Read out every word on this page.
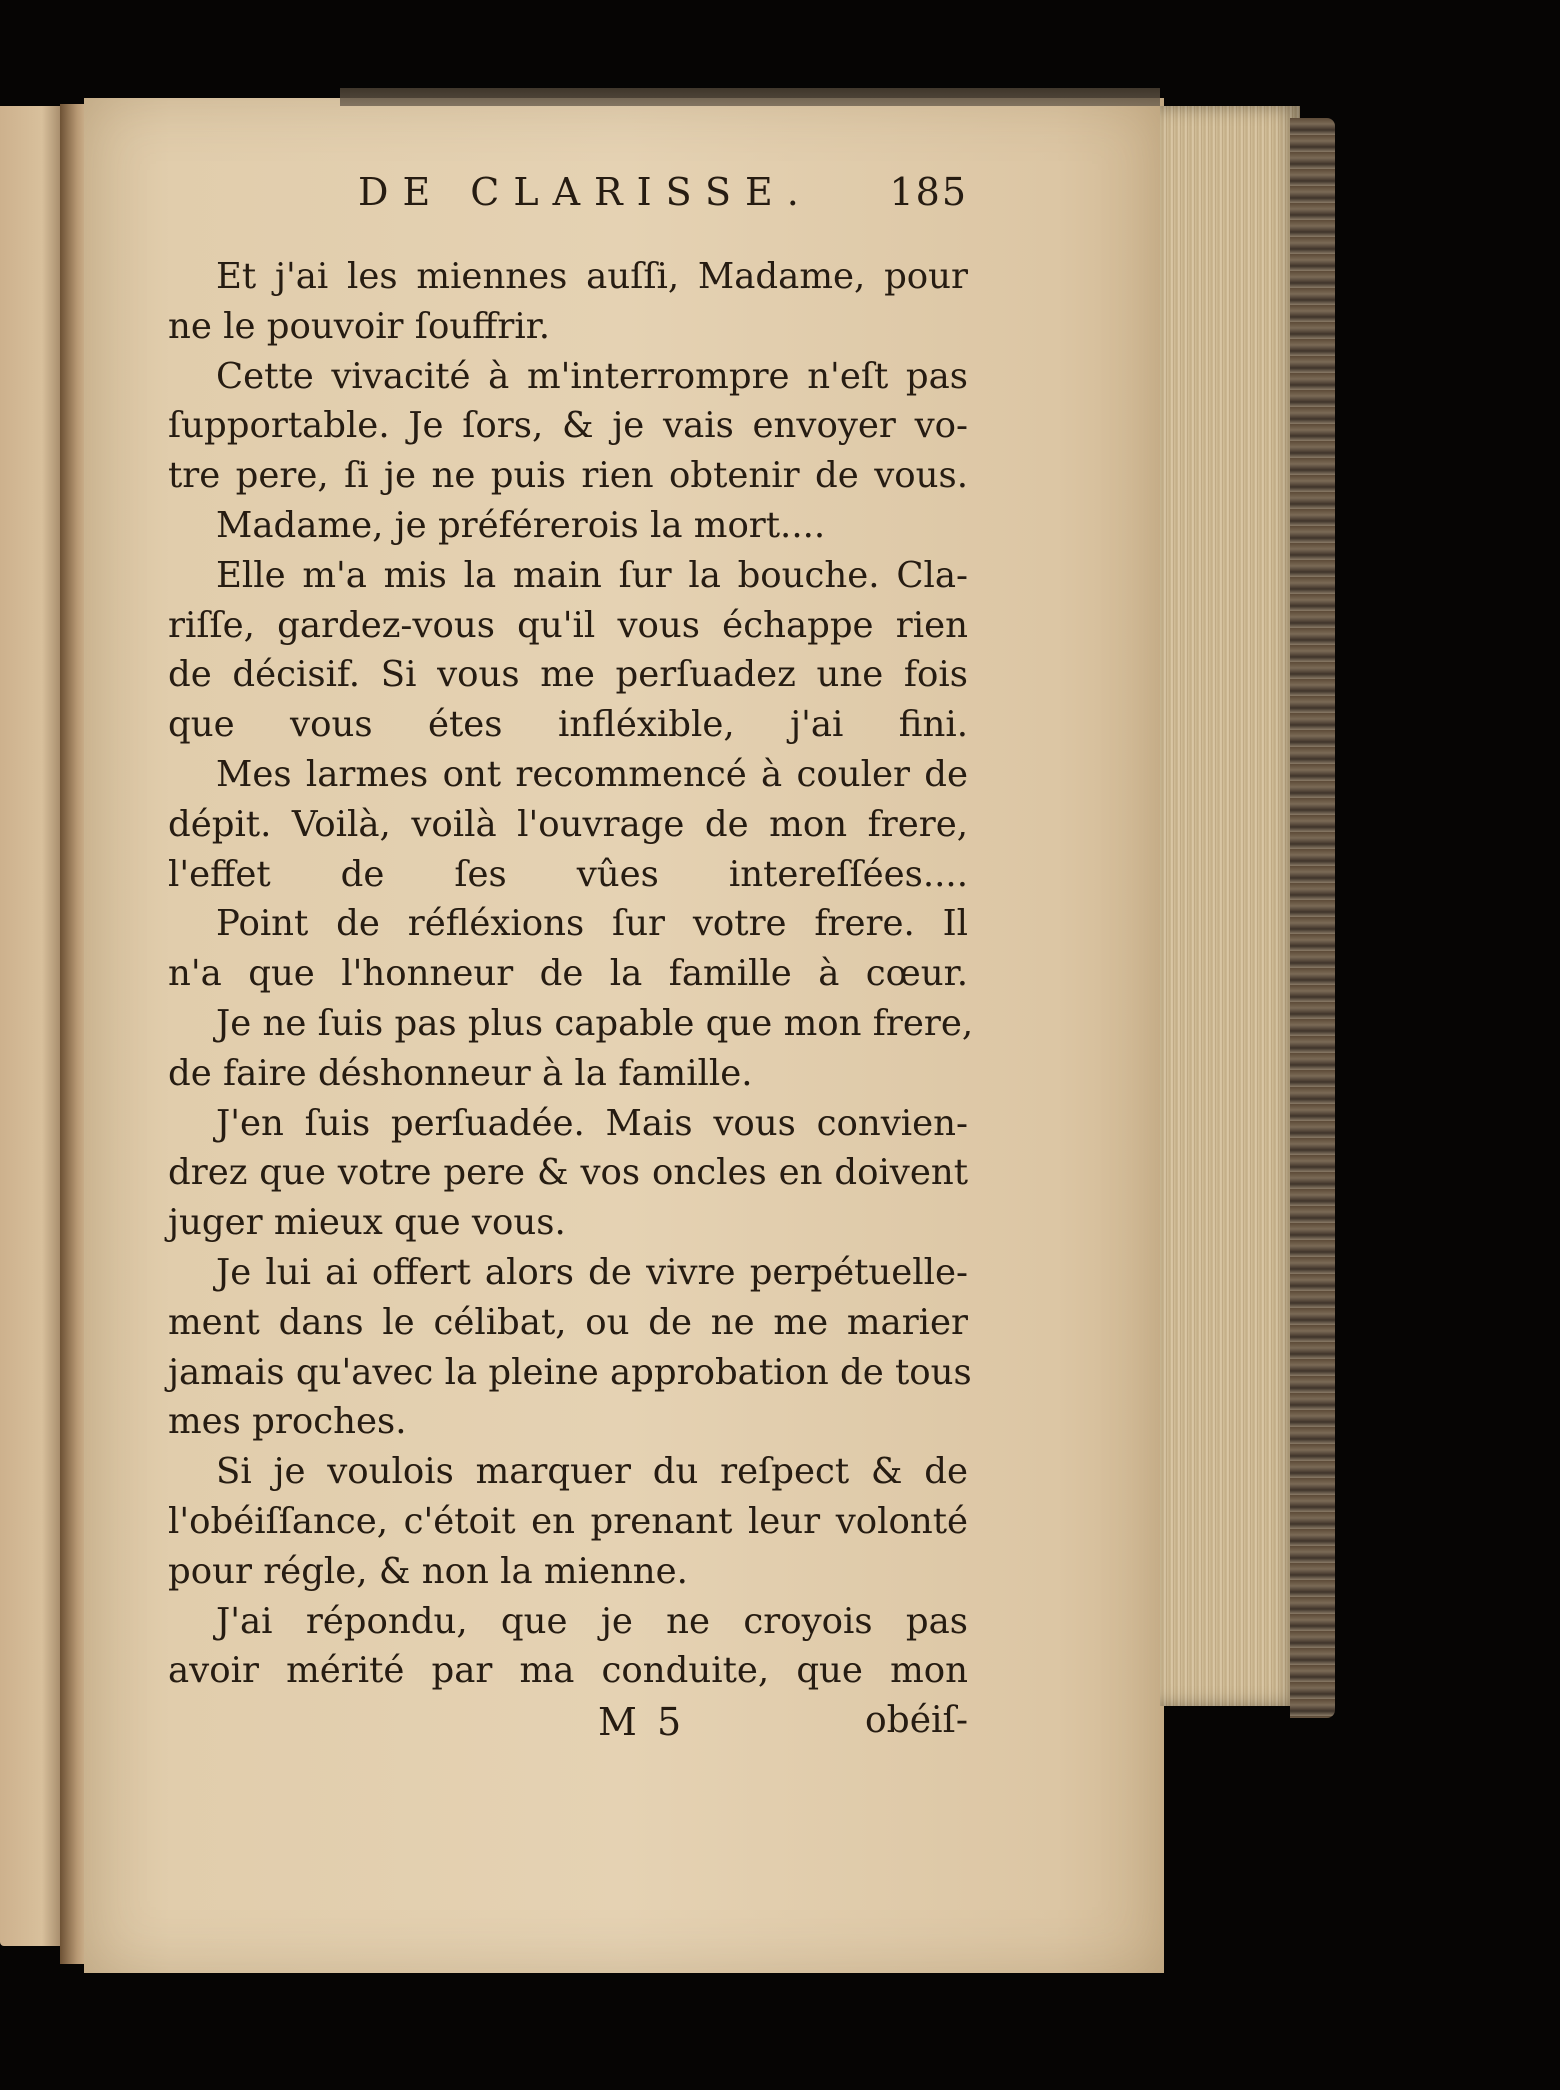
DE CLARISSE. 185
Et j'ai les miennes auſſi, Madame, pour
ne le pouvoir ſouffrir.
Cette vivacité à m'interrompre n'eſt pas
ſupportable. Je ſors, & je vais envoyer vo-
tre pere, ſi je ne puis rien obtenir de vous.
Madame, je préférerois la mort....
Elle m'a mis la main ſur la bouche. Cla-
riſſe, gardez-vous qu'il vous échappe rien
de décisif. Si vous me perſuadez une fois
que vous étes infléxible, j'ai fini.
Mes larmes ont recommencé à couler de
dépit. Voilà, voilà l'ouvrage de mon frere,
l'effet de ſes vûes intereſſées....
Point de réfléxions ſur votre frere. Il
n'a que l'honneur de la famille à cœur.
Je ne ſuis pas plus capable que mon frere,
de faire déshonneur à la famille.
J'en ſuis perſuadée. Mais vous convien-
drez que votre pere & vos oncles en doivent
juger mieux que vous.
Je lui ai offert alors de vivre perpétuelle-
ment dans le célibat, ou de ne me marier
jamais qu'avec la pleine approbation de tous
mes proches.
Si je voulois marquer du reſpect & de
l'obéiſſance, c'étoit en prenant leur volonté
pour régle, & non la mienne.
J'ai répondu, que je ne croyois pas
avoir mérité par ma conduite, que mon
M 5	obéiſ-
